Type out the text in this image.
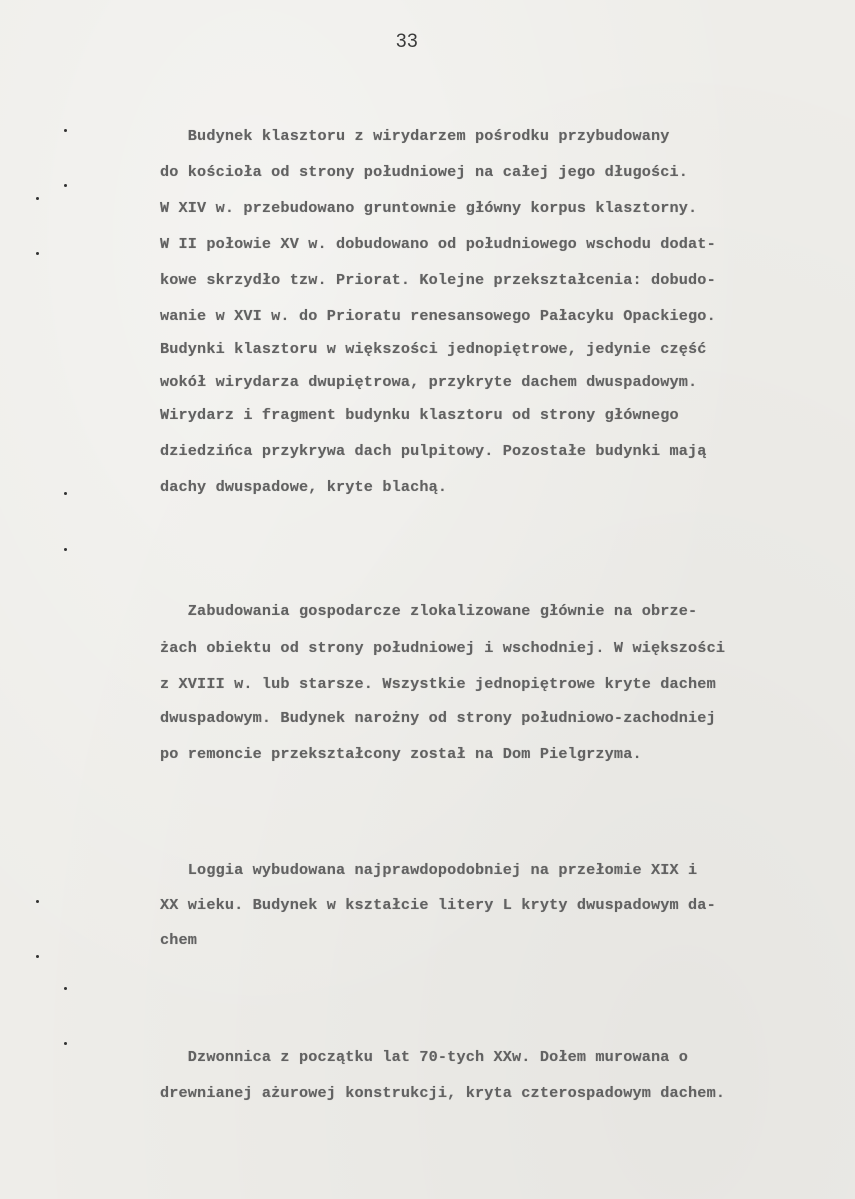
33
Budynek klasztoru z wirydarzem pośrodku przybudowany
do kościoła od strony południowej na całej jego długości.
W XIV w. przebudowano gruntownie główny korpus klasztorny.
W II połowie XV w. dobudowano od południowego wschodu dodat-
kowe skrzydło tzw. Priorat. Kolejne przekształcenia: dobudo-
wanie w XVI w. do Prioratu renesansowego Pałacyku Opackiego.
Budynki klasztoru w większości jednopiętrowe, jedynie część
wokół wirydarza dwupiętrowa, przykryte dachem dwuspadowym.
Wirydarz i fragment budynku klasztoru od strony głównego
dziedzińca przykrywa dach pulpitowy. Pozostałe budynki mają
dachy dwuspadowe, kryte blachą.
Zabudowania gospodarcze zlokalizowane głównie na obrze-
żach obiektu od strony południowej i wschodniej. W większości
z XVIII w. lub starsze. Wszystkie jednopiętrowe kryte dachem
dwuspadowym. Budynek narożny od strony południowo-zachodniej
po remoncie przekształcony został na Dom Pielgrzyma.
Loggia wybudowana najprawdopodobniej na przełomie XIX i
XX wieku. Budynek w kształcie litery L kryty dwuspadowym da-
chem
Dzwonnica z początku lat 70-tych XXw. Dołem murowana o
drewnianej ażurowej konstrukcji, kryta czterospadowym dachem.
